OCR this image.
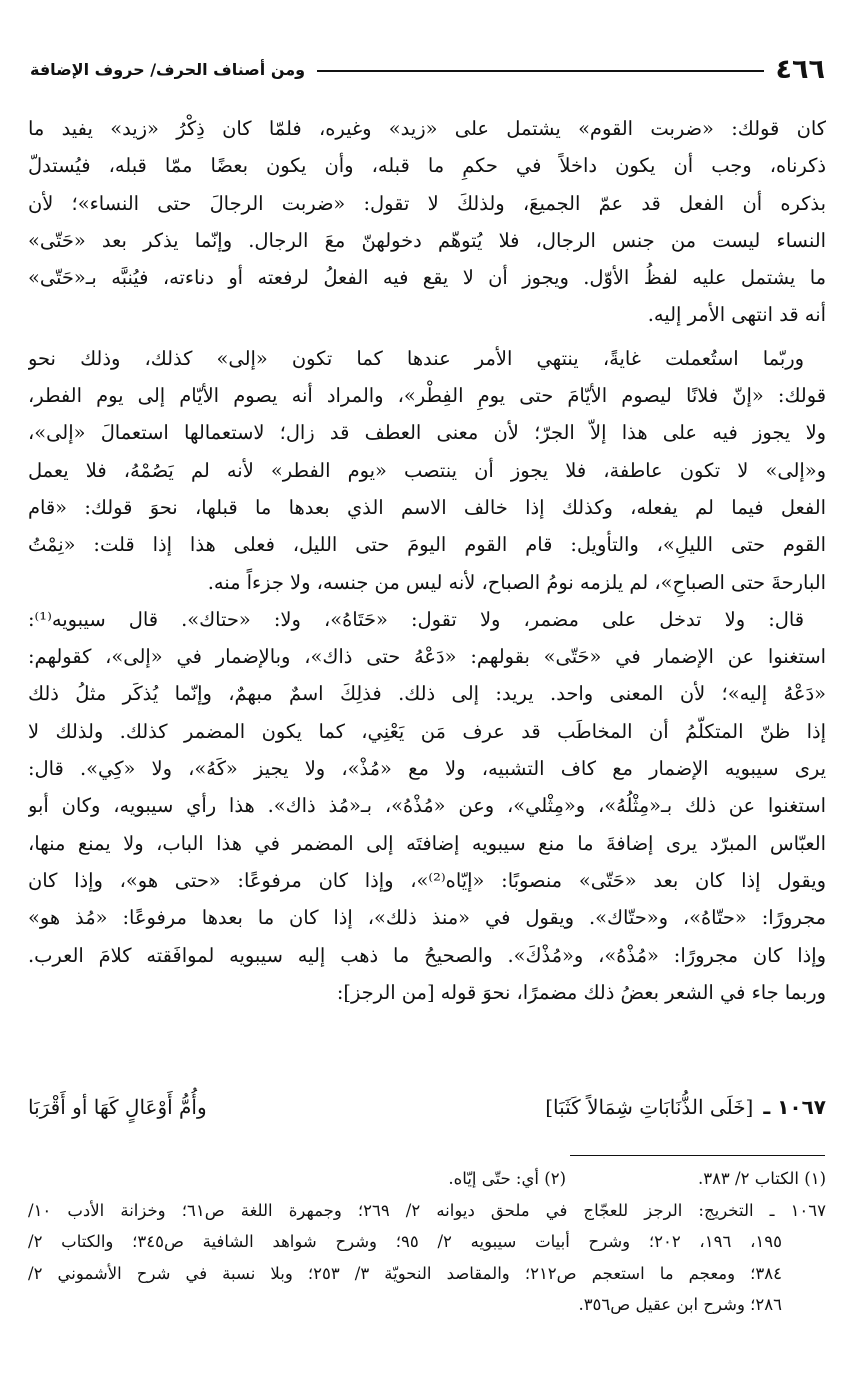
٤٦٦
ومن أصناف الحرف/ حروف الإضافة
كان قولك: «ضربت القوم» يشتمل على «زيد» وغيره، فلمّا كان ذِكْرُ «زيد» يفيد ما
ذكرناه، وجب أن يكون داخلاً في حكمِ ما قبله، وأن يكون بعضًا ممّا قبله، فيُستدلّ
بذكره أن الفعل قد عمّ الجميعَ، ولذلكَ لا تقول: «ضربت الرجالَ حتى النساء»؛ لأن
النساء ليست من جنس الرجال، فلا يُتوهّم دخولهنّ معَ الرجال. وإنّما يذكر بعد «حَتّى»
ما يشتمل عليه لفظُ الأوّل. ويجوز أن لا يقع فيه الفعلُ لرفعته أو دناءته، فيُنبَّه بـ«حَتّى»
أنه قد انتهى الأمر إليه.
وربّما استُعملت غايةً، ينتهي الأمر عندها كما تكون «إلى» كذلك، وذلك نحو
قولك: «إنّ فلانًا ليصوم الأيّامَ حتى يومِ الفِطْر»، والمراد أنه يصوم الأيّام إلى يوم الفطر،
ولا يجوز فيه على هذا إلاّ الجرّ؛ لأن معنى العطف قد زال؛ لاستعمالها استعمالَ «إلى»،
و«إلى» لا تكون عاطفة، فلا يجوز أن ينتصب «يوم الفطر» لأنه لم يَصُمْهُ، فلا يعمل
الفعل فيما لم يفعله، وكذلك إذا خالف الاسم الذي بعدها ما قبلها، نحوَ قولك: «قام
القوم حتى الليلِ»، والتأويل: قام القوم اليومَ حتى الليل، فعلى هذا إذا قلت: «نِمْتُ
البارحةَ حتى الصباحِ»، لم يلزمه نومُ الصباح، لأنه ليس من جنسه، ولا جزءاً منه.
قال: ولا تدخل على مضمر، ولا تقول: «حَتَاهُ»، ولا: «حتاك». قال سيبويه⁽¹⁾:
استغنوا عن الإضمار في «حَتّى» بقولهم: «دَعْهُ حتى ذاك»، وبالإضمار في «إلى»، كقولهم:
«دَعْهُ إليه»؛ لأن المعنى واحد. يريد: إلى ذلك. فذلِكَ اسمٌ مبهمٌ، وإنّما يُذكَر مثلُ ذلك
إذا ظنّ المتكلّمُ أن المخاطَب قد عرف مَن يَعْنِي، كما يكون المضمر كذلك. ولذلك لا
يرى سيبويه الإضمار مع كاف التشبيه، ولا مع «مُذْ»، ولا يجيز «كَهُ»، ولا «كِي». قال:
استغنوا عن ذلك بـ«مِثْلُهُ»، و«مِثْلي»، وعن «مُذْهُ»، بـ«مُذ ذاك». هذا رأي سيبويه، وكان أبو
العبّاس المبرّد يرى إضافةَ ما منع سيبويه إضافتَه إلى المضمر في هذا الباب، ولا يمنع منها،
ويقول إذا كان بعد «حَتّى» منصوبًا: «إيّاه⁽²⁾»، وإذا كان مرفوعًا: «حتى هو»، وإذا كان
مجرورًا: «حتّاهُ»، و«حتّاك». ويقول في «منذ ذلك»، إذا كان ما بعدها مرفوعًا: «مُذ هو»
وإذا كان مجرورًا: «مُذْهُ»، و«مُذْكَ». والصحيحُ ما ذهب إليه سيبويه لموافَقته كلامَ العرب.
وربما جاء في الشعر بعضُ ذلك مضمرًا، نحوَ قوله [من الرجز]:
١٠٦٧ ـ
[خَلَى الذُّنَابَاتِ شِمَالاً كَثَبَا]
وأُمُّ أَوْعَالٍ كَهَا أو أَقْرَبَا
(١) الكتاب ٢/ ٣٨٣.
(٢) أي: حتّى إيّاه.
١٠٦٧ ـ التخريج: الرجز للعجّاج في ملحق ديوانه ٢/ ٢٦٩؛ وجمهرة اللغة ص٦١؛ وخزانة الأدب ١٠/
١٩٥، ١٩٦، ٢٠٢؛ وشرح أبيات سيبويه ٢/ ٩٥؛ وشرح شواهد الشافية ص٣٤٥؛ والكتاب ٢/
٣٨٤؛ ومعجم ما استعجم ص٢١٢؛ والمقاصد النحويّة ٣/ ٢٥٣؛ وبلا نسبة في شرح الأشموني ٢/
٢٨٦؛ وشرح ابن عقيل ص٣٥٦.
